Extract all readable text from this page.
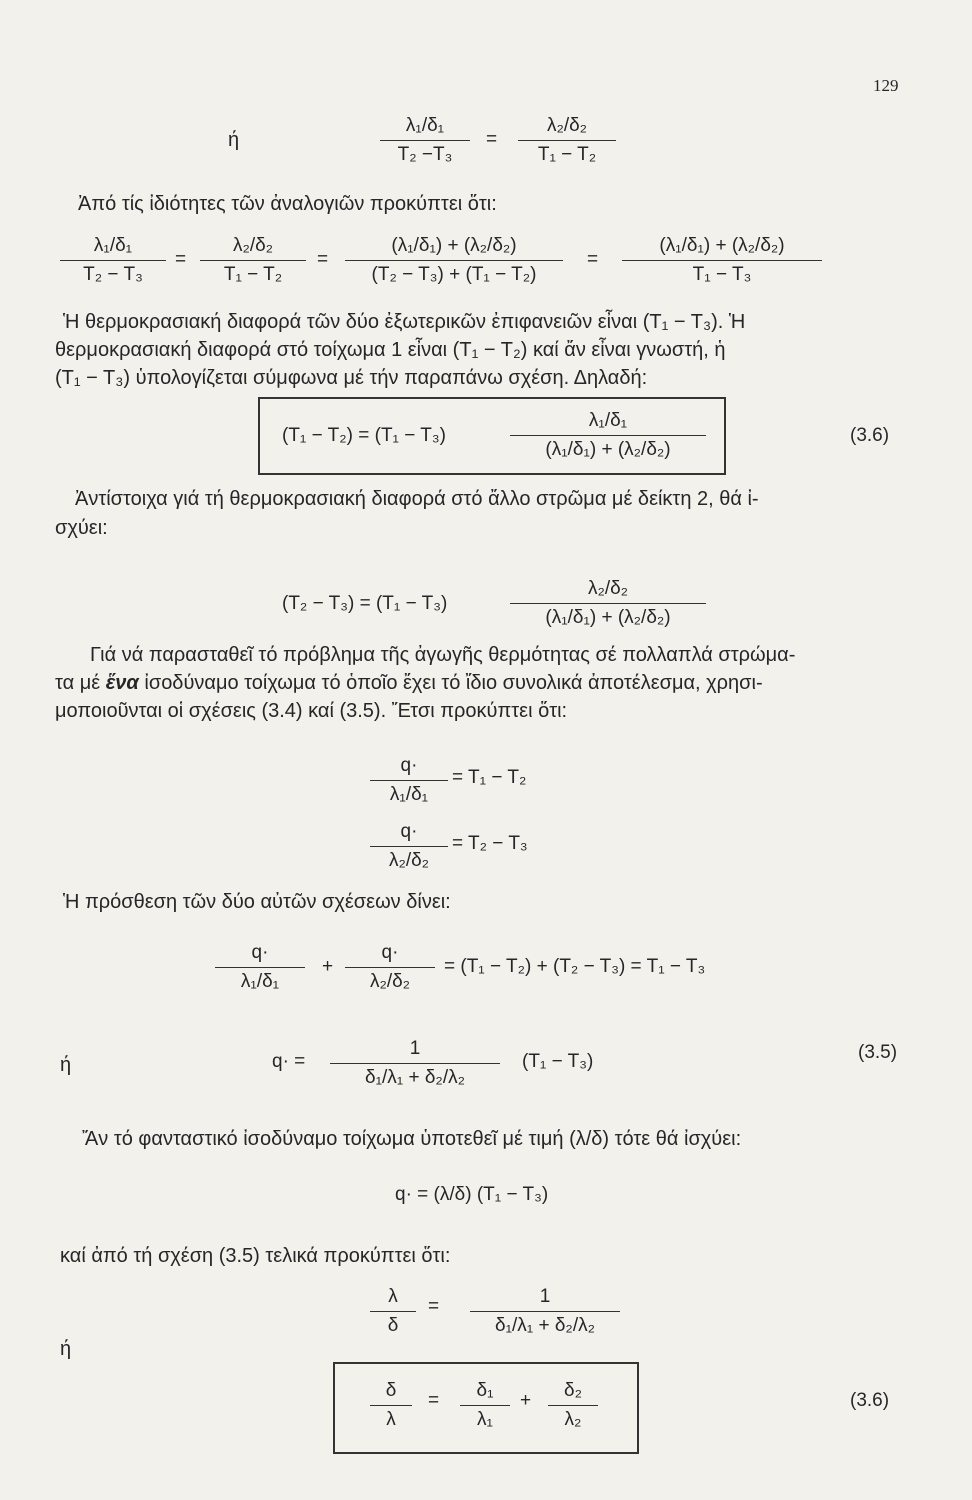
129
ή
λ₁/δ₁
T₂ −T₃
=
λ₂/δ₂
T₁ − T₂
Ἀπό τίς ἰδιότητες τῶν ἀναλογιῶν προκύπτει ὅτι:
λ₁/δ₁
T₂ − T₃
=
λ₂/δ₂
T₁ − T₂
=
(λ₁/δ₁) + (λ₂/δ₂)
(T₂ − T₃) + (T₁ − T₂)
=
(λ₁/δ₁) + (λ₂/δ₂)
T₁ − T₃
Ἡ θερμοκρασιακή διαφορά τῶν δύο ἐξωτερικῶν ἐπιφανειῶν εἶναι (T₁ − T₃). Ἡ
θερμοκρασιακή διαφορά στό τοίχωμα 1 εἶναι (T₁ − T₂) καί ἄν εἶναι γνωστή, ἡ
(T₁ − T₃) ὑπολογίζεται σύμφωνα μέ τήν παραπάνω σχέση. Δηλαδή:
(T₁ − T₂) = (T₁ − T₃)
λ₁/δ₁
(λ₁/δ₁) + (λ₂/δ₂)
(3.6)
Ἀντίστοιχα γιά τή θερμοκρασιακή διαφορά στό ἄλλο στρῶμα μέ δείκτη 2, θά ἰ-
σχύει:
(T₂ − T₃) = (T₁ − T₃)
λ₂/δ₂
(λ₁/δ₁) + (λ₂/δ₂)
Γιά νά παρασταθεῖ τό πρόβλημα τῆς ἀγωγῆς θερμότητας σέ πολλαπλά στρώμα-
τα μέ ἕνα ἰσοδύναμο τοίχωμα τό ὁποῖο ἔχει τό ἴδιο συνολικά ἀποτέλεσμα, χρησι-
μοποιοῦνται οἱ σχέσεις (3.4) καί (3.5). Ἔτσι προκύπτει ὅτι:
q·
λ₁/δ₁
= T₁ − T₂
q·
λ₂/δ₂
= T₂ − T₃
Ἡ πρόσθεση τῶν δύο αὐτῶν σχέσεων δίνει:
q·
λ₁/δ₁
+
q·
λ₂/δ₂
= (T₁ − T₂) + (T₂ − T₃) = T₁ − T₃
ή	q· =
1
δ₁/λ₁ + δ₂/λ₂
(T₁ − T₃)	(3.5)
Ἄν τό φανταστικό ἰσοδύναμο τοίχωμα ὑποτεθεῖ μέ τιμή (λ/δ) τότε θά ἰσχύει:
q· = (λ/δ) (T₁ − T₃)
καί ἀπό τή σχέση (3.5) τελικά προκύπτει ὅτι:
λ
δ
=	1
δ₁/λ₁ + δ₂/λ₂
ή
δ
λ
=	δ₁
λ₁
+	δ₂
λ₂
(3.6)
